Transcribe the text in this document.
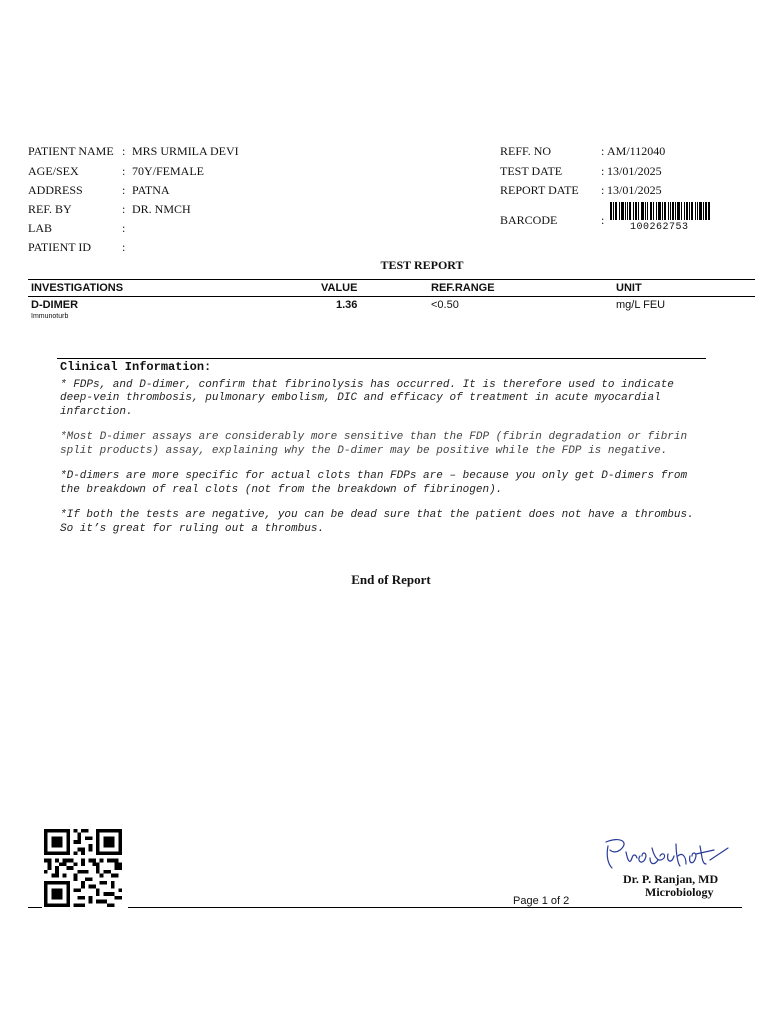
PATIENT NAME : MRS URMILA DEVI
AGE/SEX	: 70Y/FEMALE
ADDRESS	: PATNA
REF. BY	: DR. NMCH
LAB	:
PATIENT ID	:
REFF. NO	: AM/112040
TEST DATE	: 13/01/2025
REPORT DATE	: 13/01/2025
BARCODE	:
100262753
TEST REPORT
INVESTIGATIONS	VALUE	REF.RANGE	UNIT
D-DIMER	1.36	<0.50	mg/L FEU
Immunoturb

Clinical Information:

* FDPs, and D-dimer, confirm that fibrinolysis has occurred. It is therefore used to indicate deep-vein thrombosis, pulmonary embolism, DIC and efficacy of treatment in acute myocardial infarction.

*Most D-dimer assays are considerably more sensitive than the FDP (fibrin degradation or fibrin split products) assay, explaining why the D-dimer may be positive while the FDP is negative.

*D-dimers are more specific for actual clots than FDPs are – because you only get D-dimers from the breakdown of real clots (not from the breakdown of fibrinogen).

*If both the tests are negative, you can be dead sure that the patient does not have a thrombus. So it’s great for ruling out a thrombus.

End of Report
Dr. P. Ranjan, MD
Microbiology
Page 1 of 2
